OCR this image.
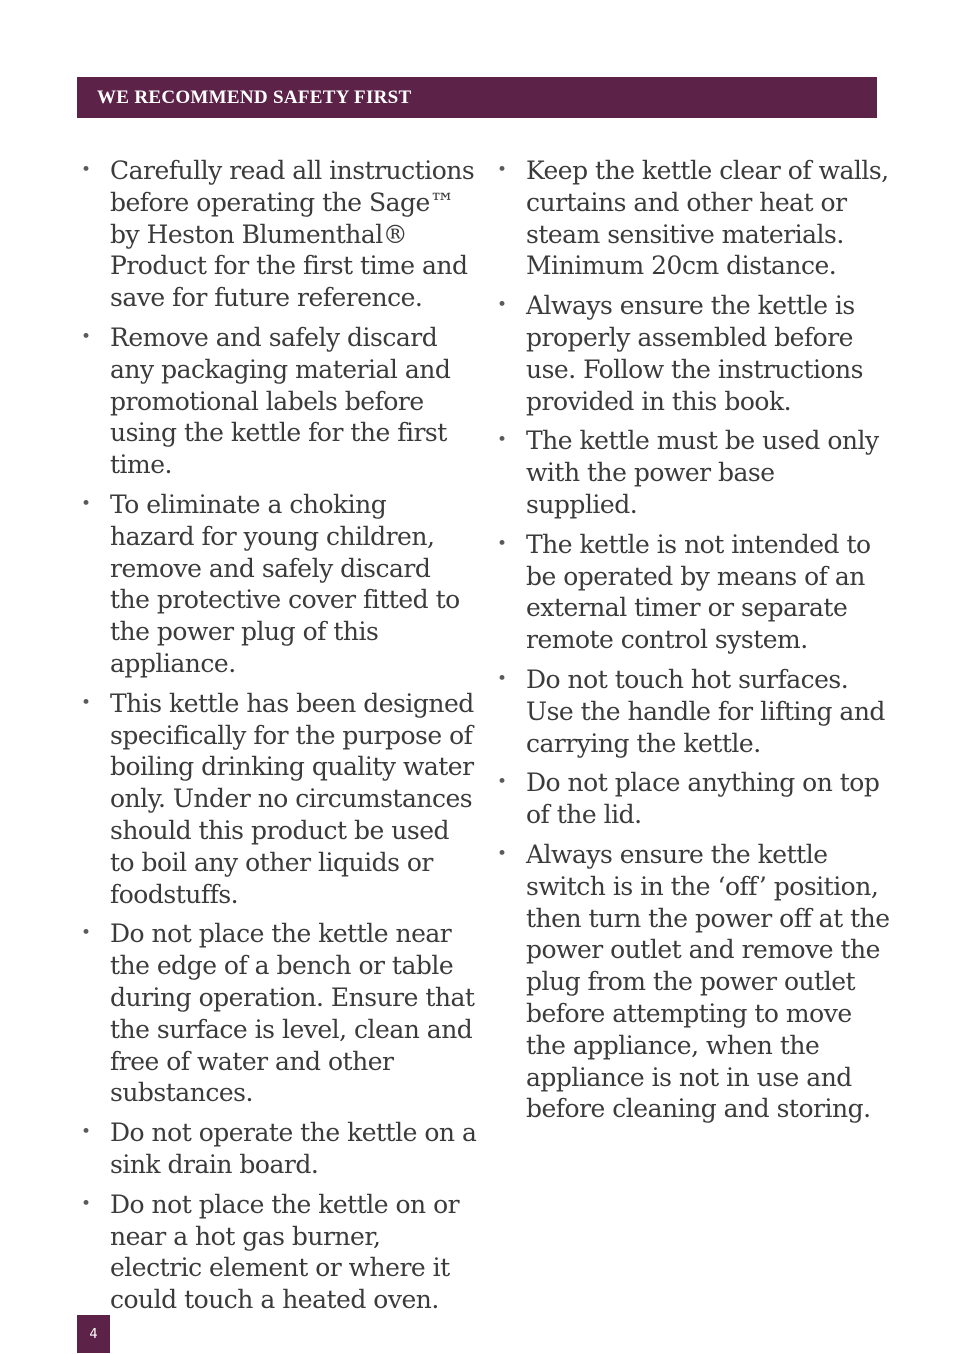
WE RECOMMEND SAFETY FIRST
• Carefully read all instructions before operating the Sage™ by Heston Blumenthal® Product for the first time and save for future reference.
• Remove and safely discard any packaging material and promotional labels before using the kettle for the first time.
• To eliminate a choking hazard for young children, remove and safely discard the protective cover fitted to the power plug of this appliance.
• This kettle has been designed specifically for the purpose of boiling drinking quality water only. Under no circumstances should this product be used to boil any other liquids or foodstuffs.
• Do not place the kettle near the edge of a bench or table during operation. Ensure that the surface is level, clean and free of water and other substances.
• Do not operate the kettle on a sink drain board.
• Do not place the kettle on or near a hot gas burner, electric element or where it could touch a heated oven.
• Keep the kettle clear of walls, curtains and other heat or steam sensitive materials. Minimum 20cm distance.
• Always ensure the kettle is properly assembled before use. Follow the instructions provided in this book.
• The kettle must be used only with the power base supplied.
• The kettle is not intended to be operated by means of an external timer or separate remote control system.
• Do not touch hot surfaces. Use the handle for lifting and carrying the kettle.
• Do not place anything on top of the lid.
• Always ensure the kettle switch is in the ‘off’ position, then turn the power off at the power outlet and remove the plug from the power outlet before attempting to move the appliance, when the appliance is not in use and before cleaning and storing.
4
